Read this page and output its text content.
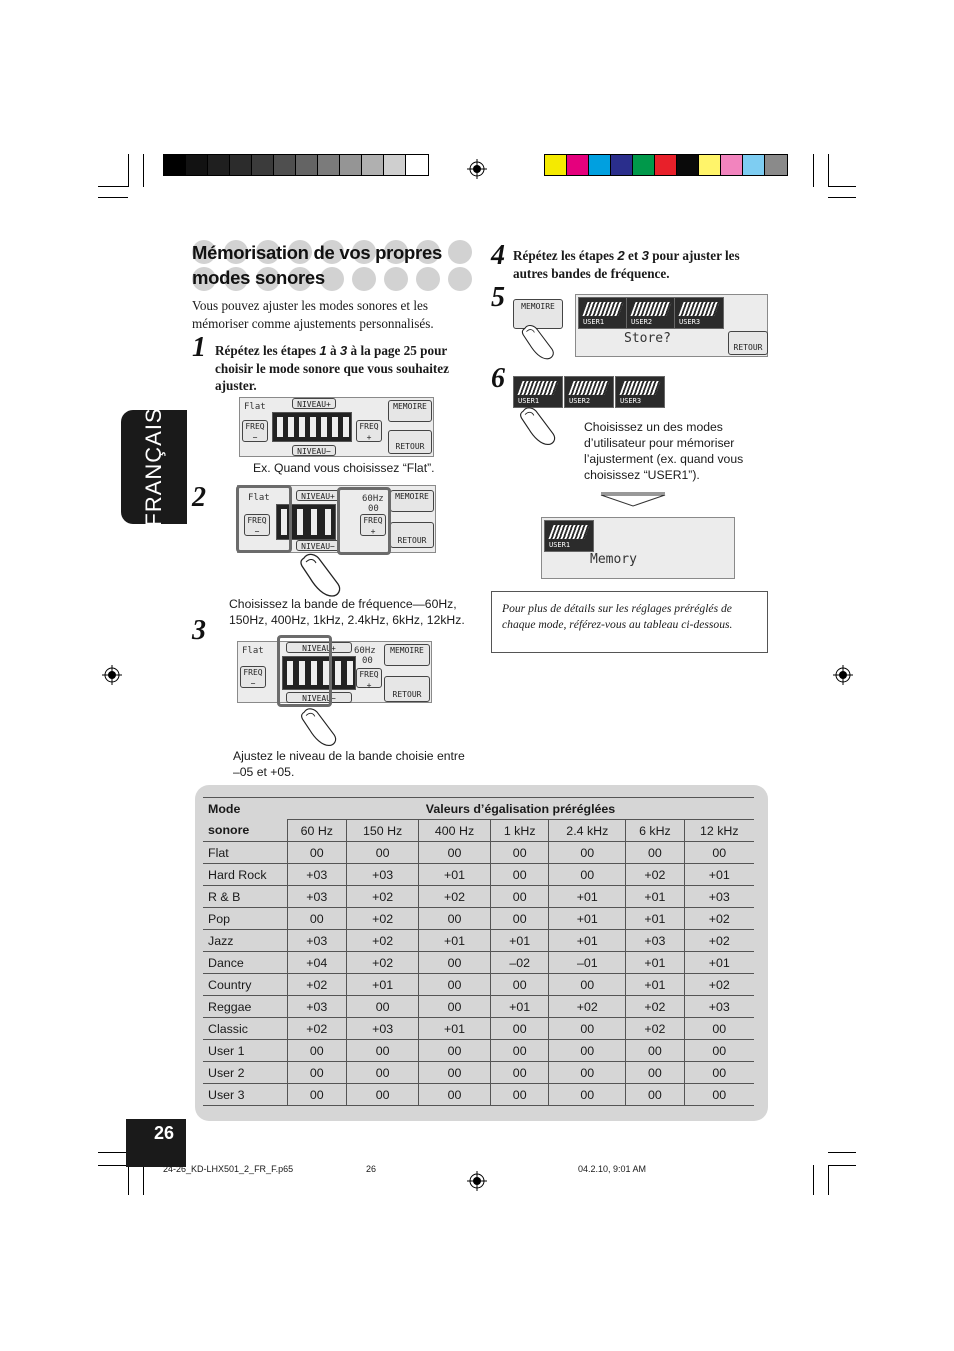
FRANÇAIS
26
Mémorisation de vos propres
modes sonores
Vous pouvez ajuster les modes sonores et les mémoriser comme ajustements personnalisés.
1 Répétez les étapes 1 à 3 à la page 25 pour choisir le mode sonore que vous souhaitez ajuster.
Flat
FREQ −
NIVEAU+
NIVEAU−
FREQ +
MEMOIRE
RETOUR
Ex. Quand vous choisissez “Flat”.
2	Flat
FREQ −
NIVEAU+
NIVEAU−
60Hz
00
FREQ +
MEMOIRE
RETOUR
Choisissez la bande de fréquence—60Hz, 150Hz, 400Hz, 1kHz, 2.4kHz, 6kHz, 12kHz.
3
Flat
FREQ −
NIVEAU+
NIVEAU−
60Hz
00
FREQ +
MEMOIRE
RETOUR
Ajustez le niveau de la bande choisie entre –05 et +05.
4 Répétez les étapes 2 et 3 pour ajuster les autres bandes de fréquence.
5	MEMOIRE
USER1	USER2	USER3
Store?
RETOUR
6
USER1	USER2	USER3
Choisissez un des modes d’utilisateur pour mémoriser l’ajusterment (ex. quand vous choisissez “USER1”).
USER1
Memory
Pour plus de détails sur les réglages préréglés de chaque mode, référez-vous au tableau ci-dessous.
Mode	Valeurs d’égalisation préréglées						
sonore	60 Hz	150 Hz	400 Hz	1 kHz	2.4 kHz	6 kHz	12 kHz
Flat	00	00	00	00	00	00	00
Hard Rock	+03	+03	+01	00	00	+02	+01
R & B	+03	+02	+02	00	+01	+01	+03
Pop	00	+02	00	00	+01	+01	+02
Jazz	+03	+02	+01	+01	+01	+03	+02
Dance	+04	+02	00	–02	–01	+01	+01
Country	+02	+01	00	00	00	+01	+02
Reggae	+03	00	00	+01	+02	+02	+03
Classic	+02	+03	+01	00	00	+02	00
User 1	00	00	00	00	00	00	00
User 2	00	00	00	00	00	00	00
User 3	00	00	00	00	00	00	00
24-26_KD-LHX501_2_FR_F.p65	26	04.2.10, 9:01 AM
